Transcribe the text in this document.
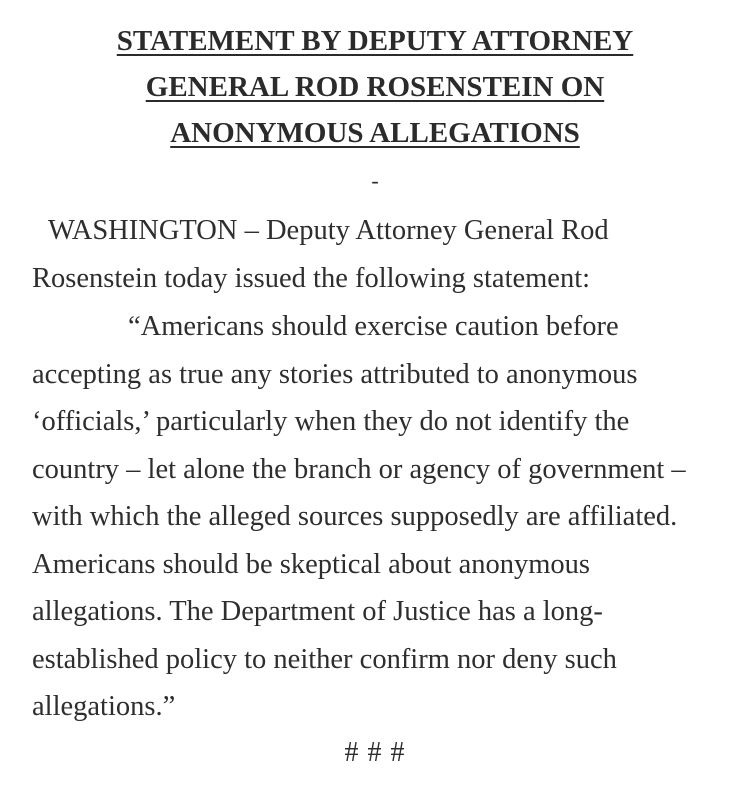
STATEMENT BY DEPUTY ATTORNEY
GENERAL ROD ROSENSTEIN ON
ANONYMOUS ALLEGATIONS
-
WASHINGTON – Deputy Attorney General Rod Rosenstein today issued the following statement:
“Americans should exercise caution before accepting as true any stories attributed to anonymous ‘officials,’ particularly when they do not identify the country – let alone the branch or agency of government – with which the alleged sources supposedly are affiliated. Americans should be skeptical about anonymous allegations. The Department of Justice has a long-established policy to neither confirm nor deny such allegations.”
# # #
